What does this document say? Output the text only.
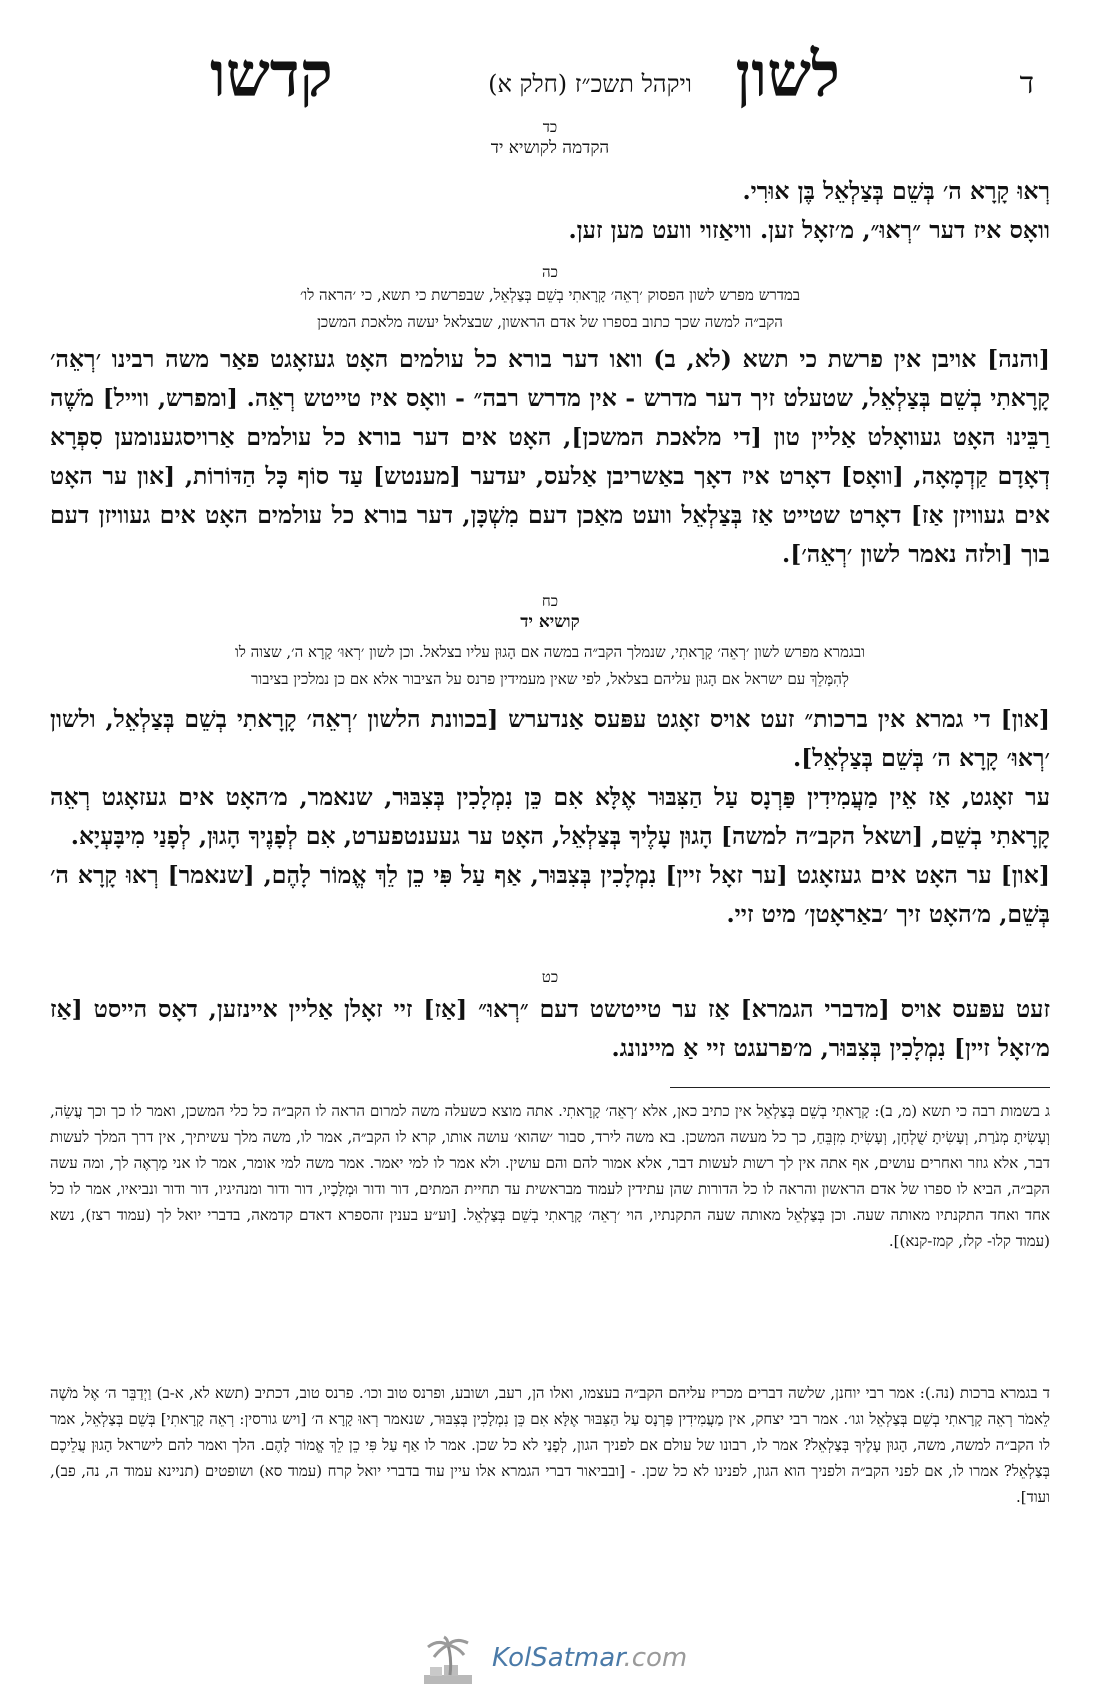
ד
לשון
ויקהל תשכ״ז (חלק א)
קדשו
כד
הקדמה לקושיא יד
רְאוּ קָרָא ה׳ בְּשֵׁם בְּצַלְאֵל בֶּן אוּרִי.
וואָס איז דער ״רְאוּ״, מ׳זאָל זען. וויאַזוי וועט מען זען.
כה
במדרש מפרש לשון הפסוק ׳רְאֵה׳ קָרָאתִי בְשֵׁם בְּצַלְאֵל, שבפרשת כי תשא, כי ׳הראה לו׳
הקב״ה למשה שכך כתוב בספרו של אדם הראשון, שבצלאל יעשה מלאכת המשכן
[והנה] אויבן אין פרשת כי תשא (לא, ב) וואו דער בורא כל עולמים האָט געזאָגט פאַר משה רבינו ׳רְאֵה׳ קָרָאתִי בְשֵׁם בְּצַלְאֵל, שטעלט זיך דער מדרש - אין מדרש רבה״ - וואָס איז טייטש רְאֵה. [ומפרש, ווייל] מֹשֶׁה רַבֵּינוּ האָט געוואָלט אַליין טון [די מלאכת המשכן], האָט אים דער בורא כל עולמים אַרויסגענומען סִפְרָא דְאָדָם קַדְמָאָה, [וואָס] דאָרט איז דאָך באַשריבן אַלעס, יעדער [מענטש] עַד סוֹף כָּל הַדּוֹרוֹת, [און ער האָט אים געוויזן אַז] דאָרט שטייט אַז בְּצַלְאֵל וועט מאַכן דעם מִשְׁכָּן, דער בורא כל עולמים האָט אים געוויזן דעם בוך [ולזה נאמר לשון ׳רְאֵה׳].
כח
קושיא יד
ובגמרא מפרש לשון ׳רְאֵה׳ קָרָאתִי, שנמלך הקב״ה במשה אם הָגוּן עליו בצלאל. וכן לשון ׳רְאוּ׳ קָרָא ה׳, שצוה לו
לְהִמָּלֵךְ עם ישראל אם הָגוּן עליהם בצלאל, לפי שאין מעמידין פרנס על הציבור אלא אם כן נמלכין בציבור
[און] די גמרא אין ברכות״ זעט אויס זאָגט עפּעס אַנדערש [בכוונת הלשון ׳רְאֵה׳ קָרָאתִי בְשֵׁם בְּצַלְאֵל, ולשון ׳רְאוּ׳ קָרָא ה׳ בְּשֵׁם בְּצַלְאֵל].
ער זאָגט, אַז אֵין מַעֲמִידִין פַּרְנָס עַל הַצִּבּוּר אֶלָּא אִם כֵּן נִמְלָכִין בְּצִבּוּר, שנאמר, מ׳האָט אים געזאָגט רְאֵה קָרָאתִי בְשֵׁם, [ושאל הקב״ה למשה] הָגוּן עָלֶיךָ בְּצַלְאֵל, האָט ער געענטפערט, אִם לְפָנֶיךָ הָגוּן, לְפָנַי מִיבָּעְיָא.
[און] ער האָט אים געזאָגט [ער זאָל זיין] נִמְלָכִין בְּצִבּוּר, אַף עַל פִּי כֵן לֵךְ אֱמוֹר לָהֶם, [שנאמר] רְאוּ קָרָא ה׳ בְּשֵׁם, מ׳האָט זיך ׳באַראָטן׳ מיט זיי.
כט
זעט עפּעס אויס [מדברי הגמרא] אַז ער טייטשט דעם ״רְאוּ״ [אַז] זיי זאָלן אַליין איינזען, דאָס הייסט [אַז מ׳זאָל זיין] נִמְלָכִין בְּצִבּוּר, מ׳פרעגט זיי אַ מיינונג.
ג בשמות רבה כי תשא (מ, ב): קָרָאתִי בְשֵׁם בְּצַלְאֵל אין כתיב כאן, אלא ׳רְאֵה׳ קָרָאתִי. אתה מוצא כשעלה משה למרום הראה לו הקב״ה כל כלי המשכן, ואמר לו כך וכך עֲשֵׂה, וְעָשִׂיתָ מְנֹרַת, וְעָשִׂיתָ שֻׁלְחָן, וְעָשִׂיתָ מִזְבֵּחַ, כך כל מעשה המשכן. בא משה לירד, סבור ׳שהוא׳ עושה אותו, קרא לו הקב״ה, אמר לו, משה מלך עשיתיך, אין דרך המלך לעשות דבר, אלא גוזר ואחרים עושים, אף אתה אין לך רשות לעשות דבר, אלא אמור להם והם עושין. ולא אמר לו למי יאמר. אמר משה למי אומר, אמר לו אני מַרְאֶה לך, ומה עשה הקב״ה, הביא לו ספרו של אדם הראשון והראה לו כל הדורות שהן עתידין לעמוד מבראשית עד תחיית המתים, דור ודור וּמְלָכָיו, דור ודור ומנהיגיו, דור ודור ונביאיו, אמר לו כל אחד ואחד התקנתיו מאותה שעה. וכן בְּצַלְאֵל מאותה שעה התקנתיו, הוי ׳רְאֵה׳ קָרָאתִי בְשֵׁם בְּצַלְאֵל. [וע״ע בענין זהספרא דאדם קדמאה, בדברי יואל לך (עמוד רצז), נשא (עמוד קלו- קלז, קמז-קנא)].
ד בגמרא ברכות (נה.): אמר רבי יוחנן, שלשה דברים מכריז עליהם הקב״ה בעצמו, ואלו הן, רעב, ושובע, ופרנס טוב וכו׳. פרנס טוב, דכתיב (תשא לא, א-ב) וַיְדַבֵּר ה׳ אֶל מֹשֶׁה לֵאמֹר רְאֵה קָרָאתִי בְשֵׁם בְּצַלְאֵל וגו׳. אמר רבי יצחק, אין מַעֲמִידִין פַּרְנָס עַל הַצִּבּוּר אֶלָּא אִם כֵּן נִמְלָכִין בְּצִבּוּר, שנאמר רְאוּ קָרָא ה׳ [ויש גורסין: רְאֵה קָרָאתִי] בְּשֵׁם בְּצַלְאֵל, אמר לו הקב״ה למשה, משה, הָגוּן עָלֶיךָ בְּצַלְאֵל? אמר לו, רבונו של עולם אם לפניך הגון, לְפָנַי לא כל שכן. אמר לו אַף עַל פִּי כֵן לֵךְ אֱמוֹר לָהֶם. הלך ואמר להם לישראל הָגוּן עֲלֵיכֶם בְּצַלְאֵל? אמרו לו, אם לפני הקב״ה ולפניך הוא הגון, לפנינו לא כל שכן. - [ובביאור דברי הגמרא אלו עיין עוד בדברי יואל קרח (עמוד סא) ושופטים (תניינא עמוד ה, נה, פב), ועוד].
KolSatmar.com
